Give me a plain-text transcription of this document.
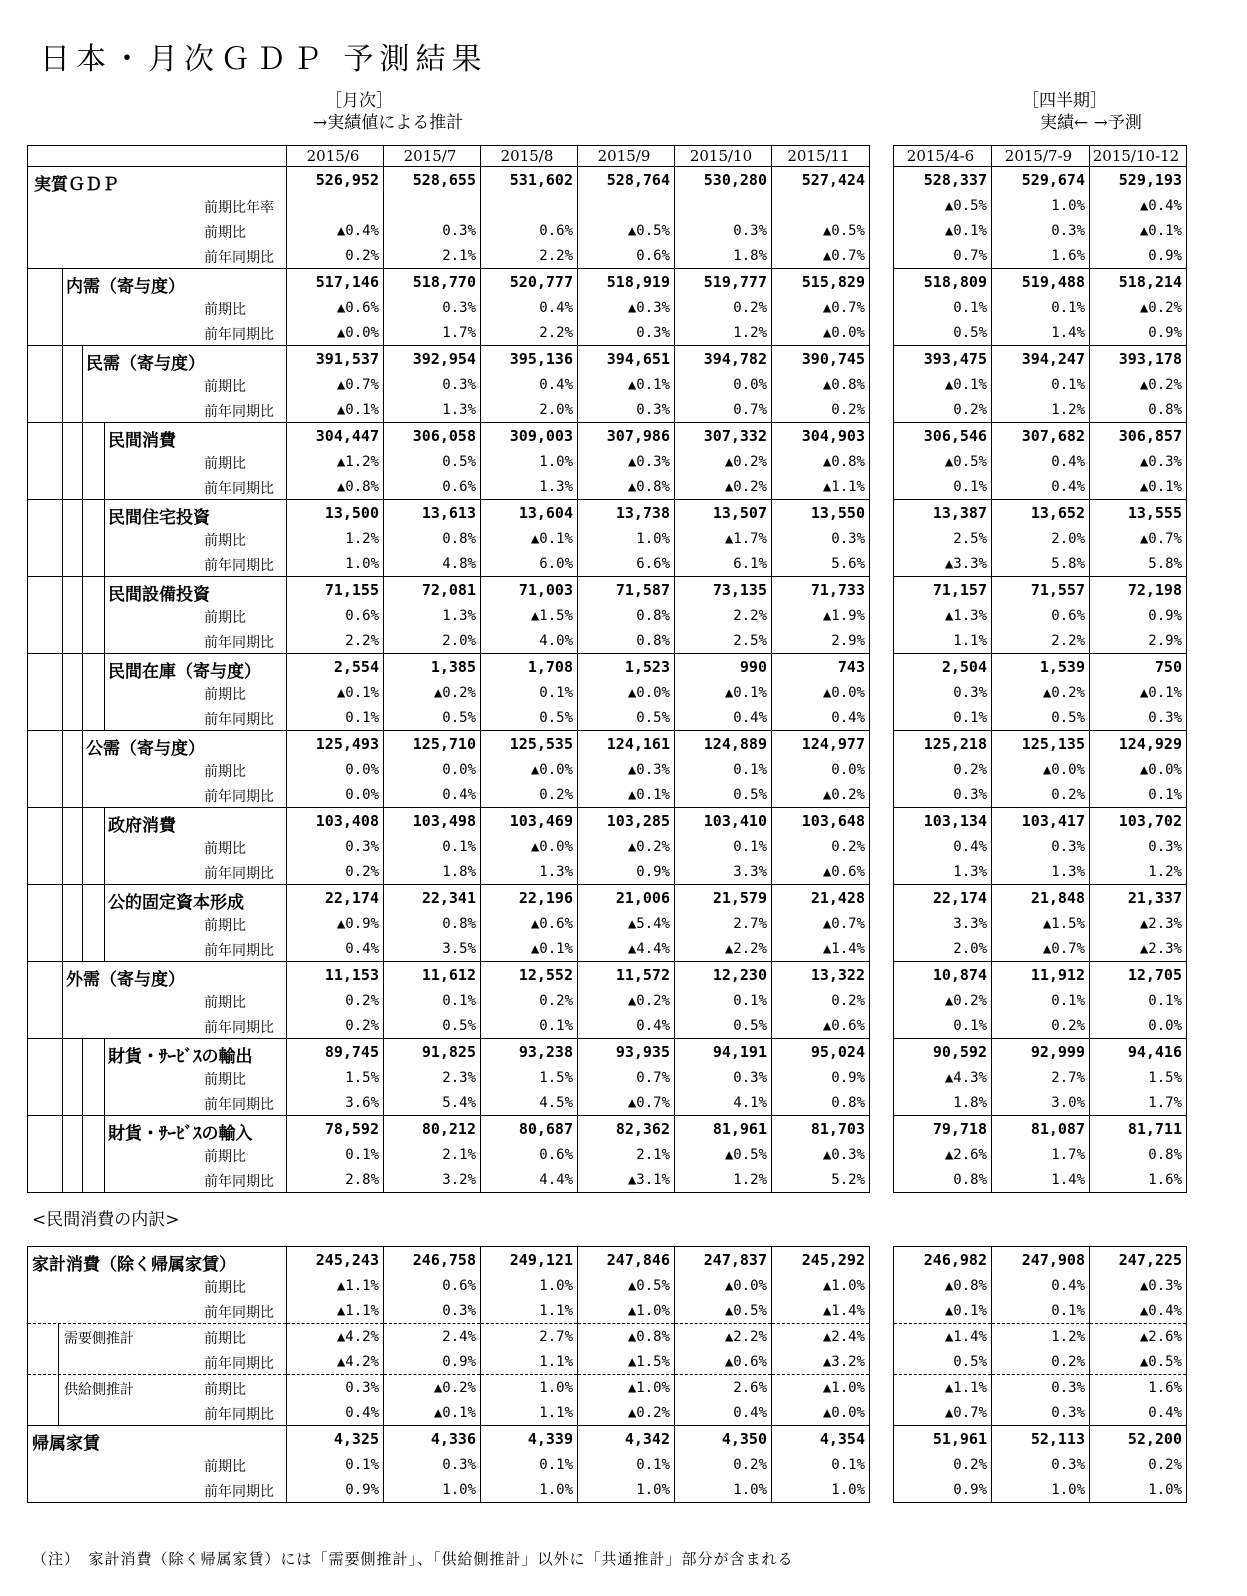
日本・月次ＧＤＰ 予測結果
［月次］
→実績値による推計
［四半期］
実績← →予測
	2015/6	2015/7	2015/8	2015/9	2015/10	2015/11		2015/4-6	2015/7-9	2015/10-12

実質ＧＤＰ	526,952	528,655	531,602	528,764	530,280	527,424		528,337	529,674	529,193

前期比年率								▲0.5%	1.0%	▲0.4%

前期比	▲0.4%	0.3%	0.6%	▲0.5%	0.3%	▲0.5%		▲0.1%	0.3%	▲0.1%

前年同期比	0.2%	2.1%	2.2%	0.6%	1.8%	▲0.7%		0.7%	1.6%	0.9%

内需（寄与度）	517,146	518,770	520,777	518,919	519,777	515,829		518,809	519,488	518,214

前期比	▲0.6%	0.3%	0.4%	▲0.3%	0.2%	▲0.7%		0.1%	0.1%	▲0.2%

前年同期比	▲0.0%	1.7%	2.2%	0.3%	1.2%	▲0.0%		0.5%	1.4%	0.9%

民需（寄与度）	391,537	392,954	395,136	394,651	394,782	390,745		393,475	394,247	393,178

前期比	▲0.7%	0.3%	0.4%	▲0.1%	0.0%	▲0.8%		▲0.1%	0.1%	▲0.2%

前年同期比	▲0.1%	1.3%	2.0%	0.3%	0.7%	0.2%		0.2%	1.2%	0.8%

民間消費	304,447	306,058	309,003	307,986	307,332	304,903		306,546	307,682	306,857

前期比	▲1.2%	0.5%	1.0%	▲0.3%	▲0.2%	▲0.8%		▲0.5%	0.4%	▲0.3%

前年同期比	▲0.8%	0.6%	1.3%	▲0.8%	▲0.2%	▲1.1%		0.1%	0.4%	▲0.1%

民間住宅投資	13,500	13,613	13,604	13,738	13,507	13,550		13,387	13,652	13,555

前期比	1.2%	0.8%	▲0.1%	1.0%	▲1.7%	0.3%		2.5%	2.0%	▲0.7%

前年同期比	1.0%	4.8%	6.0%	6.6%	6.1%	5.6%		▲3.3%	5.8%	5.8%

民間設備投資	71,155	72,081	71,003	71,587	73,135	71,733		71,157	71,557	72,198

前期比	0.6%	1.3%	▲1.5%	0.8%	2.2%	▲1.9%		▲1.3%	0.6%	0.9%

前年同期比	2.2%	2.0%	4.0%	0.8%	2.5%	2.9%		1.1%	2.2%	2.9%

民間在庫（寄与度）	2,554	1,385	1,708	1,523	990	743		2,504	1,539	750

前期比	▲0.1%	▲0.2%	0.1%	▲0.0%	▲0.1%	▲0.0%		0.3%	▲0.2%	▲0.1%

前年同期比	0.1%	0.5%	0.5%	0.5%	0.4%	0.4%		0.1%	0.5%	0.3%

公需（寄与度）	125,493	125,710	125,535	124,161	124,889	124,977		125,218	125,135	124,929

前期比	0.0%	0.0%	▲0.0%	▲0.3%	0.1%	0.0%		0.2%	▲0.0%	▲0.0%

前年同期比	0.0%	0.4%	0.2%	▲0.1%	0.5%	▲0.2%		0.3%	0.2%	0.1%

政府消費	103,408	103,498	103,469	103,285	103,410	103,648		103,134	103,417	103,702

前期比	0.3%	0.1%	▲0.0%	▲0.2%	0.1%	0.2%		0.4%	0.3%	0.3%

前年同期比	0.2%	1.8%	1.3%	0.9%	3.3%	▲0.6%		1.3%	1.3%	1.2%

公的固定資本形成	22,174	22,341	22,196	21,006	21,579	21,428		22,174	21,848	21,337

前期比	▲0.9%	0.8%	▲0.6%	▲5.4%	2.7%	▲0.7%		3.3%	▲1.5%	▲2.3%

前年同期比	0.4%	3.5%	▲0.1%	▲4.4%	▲2.2%	▲1.4%		2.0%	▲0.7%	▲2.3%

外需（寄与度）	11,153	11,612	12,552	11,572	12,230	13,322		10,874	11,912	12,705

前期比	0.2%	0.1%	0.2%	▲0.2%	0.1%	0.2%		▲0.2%	0.1%	0.1%

前年同期比	0.2%	0.5%	0.1%	0.4%	0.5%	▲0.6%		0.1%	0.2%	0.0%

財貨・ｻｰﾋﾞｽの輸出	89,745	91,825	93,238	93,935	94,191	95,024		90,592	92,999	94,416

前期比	1.5%	2.3%	1.5%	0.7%	0.3%	0.9%		▲4.3%	2.7%	1.5%

前年同期比	3.6%	5.4%	4.5%	▲0.7%	4.1%	0.8%		1.8%	3.0%	1.7%

財貨・ｻｰﾋﾞｽの輸入	78,592	80,212	80,687	82,362	81,961	81,703		79,718	81,087	81,711

前期比	0.1%	2.1%	0.6%	2.1%	▲0.5%	▲0.3%		▲2.6%	1.7%	0.8%

前年同期比	2.8%	3.2%	4.4%	▲3.1%	1.2%	5.2%		0.8%	1.4%	1.6%
<民間消費の内訳>
家計消費（除く帰属家賃）	245,243	246,758	249,121	247,846	247,837	245,292		246,982	247,908	247,225

前期比	▲1.1%	0.6%	1.0%	▲0.5%	▲0.0%	▲1.0%		▲0.8%	0.4%	▲0.3%

前年同期比	▲1.1%	0.3%	1.1%	▲1.0%	▲0.5%	▲1.4%		▲0.1%	0.1%	▲0.4%

需要側推計 前期比	▲4.2%	2.4%	2.7%	▲0.8%	▲2.2%	▲2.4%		▲1.4%	1.2%	▲2.6%

前年同期比	▲4.2%	0.9%	1.1%	▲1.5%	▲0.6%	▲3.2%		0.5%	0.2%	▲0.5%

供給側推計 前期比	0.3%	▲0.2%	1.0%	▲1.0%	2.6%	▲1.0%		▲1.1%	0.3%	1.6%

前年同期比	0.4%	▲0.1%	1.1%	▲0.2%	0.4%	▲0.0%		▲0.7%	0.3%	0.4%

帰属家賃	4,325	4,336	4,339	4,342	4,350	4,354		51,961	52,113	52,200

前期比	0.1%	0.3%	0.1%	0.1%	0.2%	0.1%		0.2%	0.3%	0.2%

前年同期比	0.9%	1.0%	1.0%	1.0%	1.0%	1.0%		0.9%	1.0%	1.0%
（注）　家計消費（除く帰属家賃）には「需要側推計」、「供給側推計」以外に「共通推計」部分が含まれる
